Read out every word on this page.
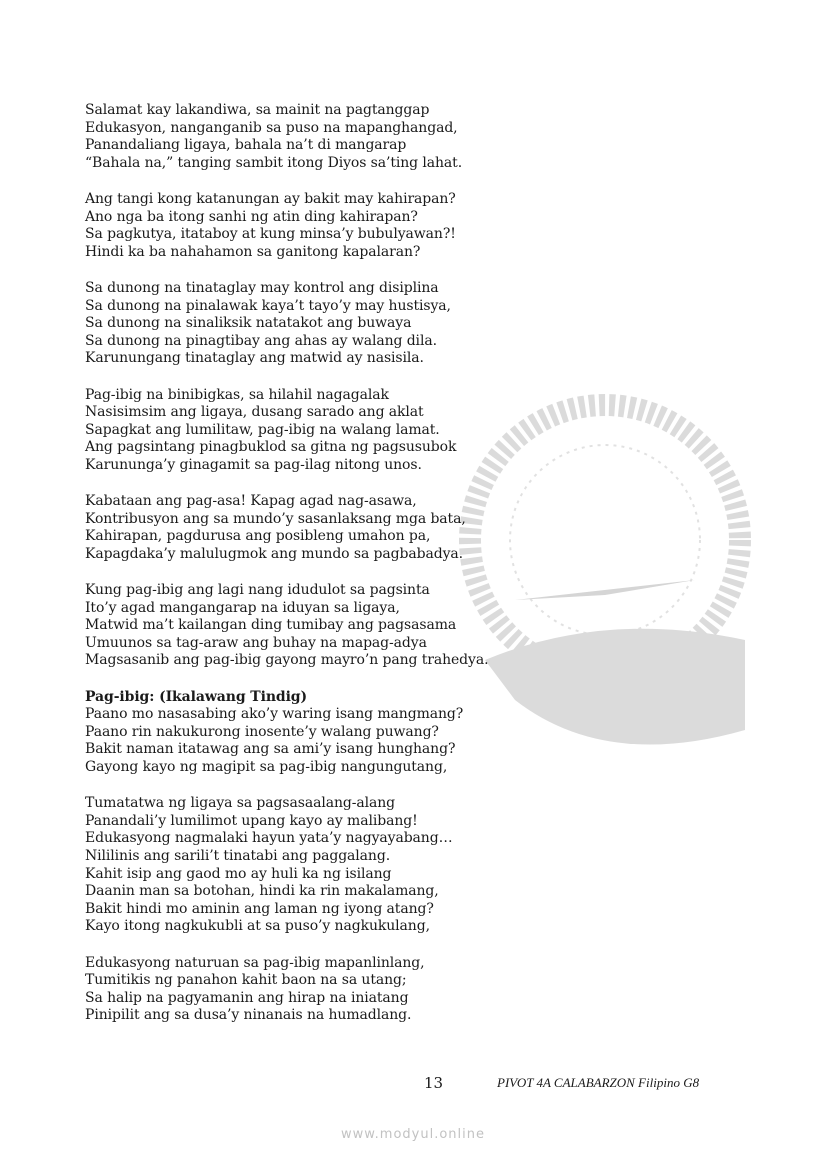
Salamat kay lakandiwa, sa mainit na pagtanggap
Edukasyon, nanganganib sa puso na mapanghangad,
Panandaliang ligaya, bahala na’t di mangarap
“Bahala na,” tanging sambit itong Diyos sa’ting lahat.
Ang tangi kong katanungan ay bakit may kahirapan?
Ano nga ba itong sanhi ng atin ding kahirapan?
Sa pagkutya, itataboy at kung minsa’y bubulyawan?!
Hindi ka ba nahahamon sa ganitong kapalaran?
Sa dunong na tinataglay may kontrol ang disiplina
Sa dunong na pinalawak kaya’t tayo’y may hustisya,
Sa dunong na sinaliksik natatakot ang buwaya
Sa dunong na pinagtibay ang ahas ay walang dila.
Karunungang tinataglay ang matwid ay nasisila.
Pag-ibig na binibigkas, sa hilahil nagagalak
Nasisimsim ang ligaya, dusang sarado ang aklat
Sapagkat ang lumilitaw, pag-ibig na walang lamat.
Ang pagsintang pinagbuklod sa gitna ng pagsusubok
Karununga’y ginagamit sa pag-ilag nitong unos.
Kabataan ang pag-asa! Kapag agad nag-asawa,
Kontribusyon ang sa mundo’y sasanlaksang mga bata,
Kahirapan, pagdurusa ang posibleng umahon pa,
Kapagdaka’y malulugmok ang mundo sa pagbabadya.
Kung pag-ibig ang lagi nang idudulot sa pagsinta
Ito’y agad mangangarap na iduyan sa ligaya,
Matwid ma’t kailangan ding tumibay ang pagsasama
Umuunos sa tag-araw ang buhay na mapag-adya
Magsasanib ang pag-ibig gayong mayro’n pang trahedya.
Pag-ibig: (Ikalawang Tindig)
Paano mo nasasabing ako’y waring isang mangmang?
Paano rin nakukurong inosente’y walang puwang?
Bakit naman itatawag ang sa ami’y isang hunghang?
Gayong kayo ng magipit sa pag-ibig nangungutang,
Tumatatwa ng ligaya sa pagsasaalang-alang
Panandali’y lumilimot upang kayo ay malibang!
Edukasyong nagmalaki hayun yata’y nagyayabang…
Nililinis ang sarili’t tinatabi ang paggalang.
Kahit isip ang gaod mo ay huli ka ng isilang
Daanin man sa botohan, hindi ka rin makalamang,
Bakit hindi mo aminin ang laman ng iyong atang?
Kayo itong nagkukubli at sa puso’y nagkukulang,
Edukasyong naturuan sa pag-ibig mapanlinlang,
Tumitikis ng panahon kahit baon na sa utang;
Sa halip na pagyamanin ang hirap na iniatang
Pinipilit ang sa dusa’y ninanais na humadlang.
13	PIVOT 4A CALABARZON Filipino G8
www.modyul.online
